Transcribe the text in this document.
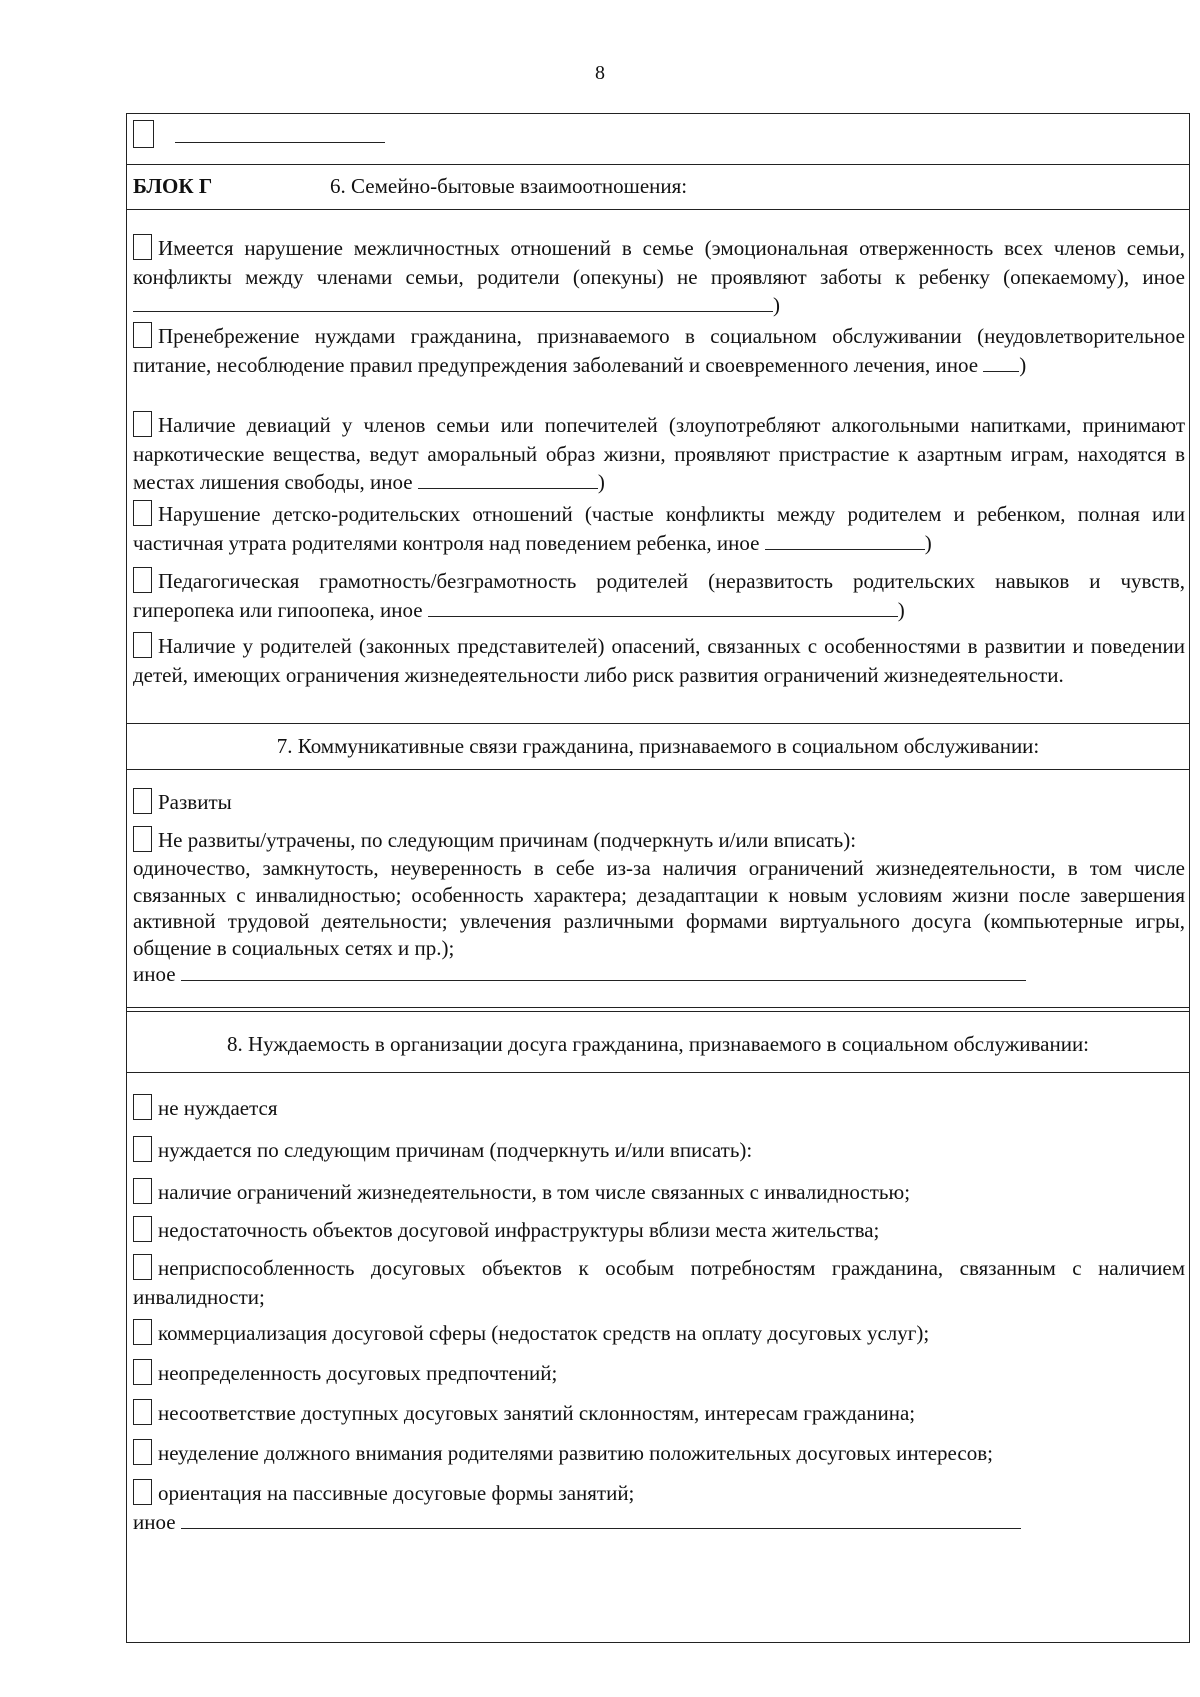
8

БЛОК Г	6. Семейно-бытовые взаимоотношения:
Имеется нарушение межличностных отношений в семье (эмоциональная отверженность всех членов семьи, конфликты между членами семьи, родители (опекуны) не проявляют заботы к ребенку (опекаемому), иное )
Пренебрежение нуждами гражданина, признаваемого в социальном обслуживании (неудовлетворительное питание, несоблюдение правил предупреждения заболеваний и своевременного лечения, иное )
Наличие девиаций у членов семьи или попечителей (злоупотребляют алкогольными напитками, принимают наркотические вещества, ведут аморальный образ жизни, проявляют пристрастие к азартным играм, находятся в местах лишения свободы, иное	)
Нарушение детско-родительских отношений (частые конфликты между родителем и ребенком, полная или частичная утрата родителями контроля над поведением ребенка, иное	)
Педагогическая грамотность/безграмотность родителей (неразвитость родительских навыков и чувств, гиперопека или гипоопека, иное	)
Наличие у родителей (законных представителей) опасений, связанных с особенностями в развитии и поведении детей, имеющих ограничения жизнедеятельности либо риск развития ограничений жизнедеятельности.
7. Коммуникативные связи гражданина, признаваемого в социальном обслуживании:
Развиты
Не развиты/утрачены, по следующим причинам (подчеркнуть и/или вписать):
одиночество, замкнутость, неуверенность в себе из-за наличия ограничений жизнедеятельности, в том числе связанных с инвалидностью; особенность характера; дезадаптации к новым условиям жизни после завершения активной трудовой деятельности; увлечения различными формами виртуального досуга (компьютерные игры, общение в социальных сетях и пр.);
иное
8. Нуждаемость в организации досуга гражданина, признаваемого в социальном обслуживании:
не нуждается
нуждается по следующим причинам (подчеркнуть и/или вписать):
наличие ограничений жизнедеятельности, в том числе связанных с инвалидностью;
недостаточность объектов досуговой инфраструктуры вблизи места жительства;
неприспособленность досуговых объектов к особым потребностям гражданина, связанным с наличием инвалидности;
коммерциализация досуговой сферы (недостаток средств на оплату досуговых услуг);
неопределенность досуговых предпочтений;
несоответствие доступных досуговых занятий склонностям, интересам гражданина;
неуделение должного внимания родителями развитию положительных досуговых интересов;
ориентация на пассивные досуговые формы занятий;
иное
